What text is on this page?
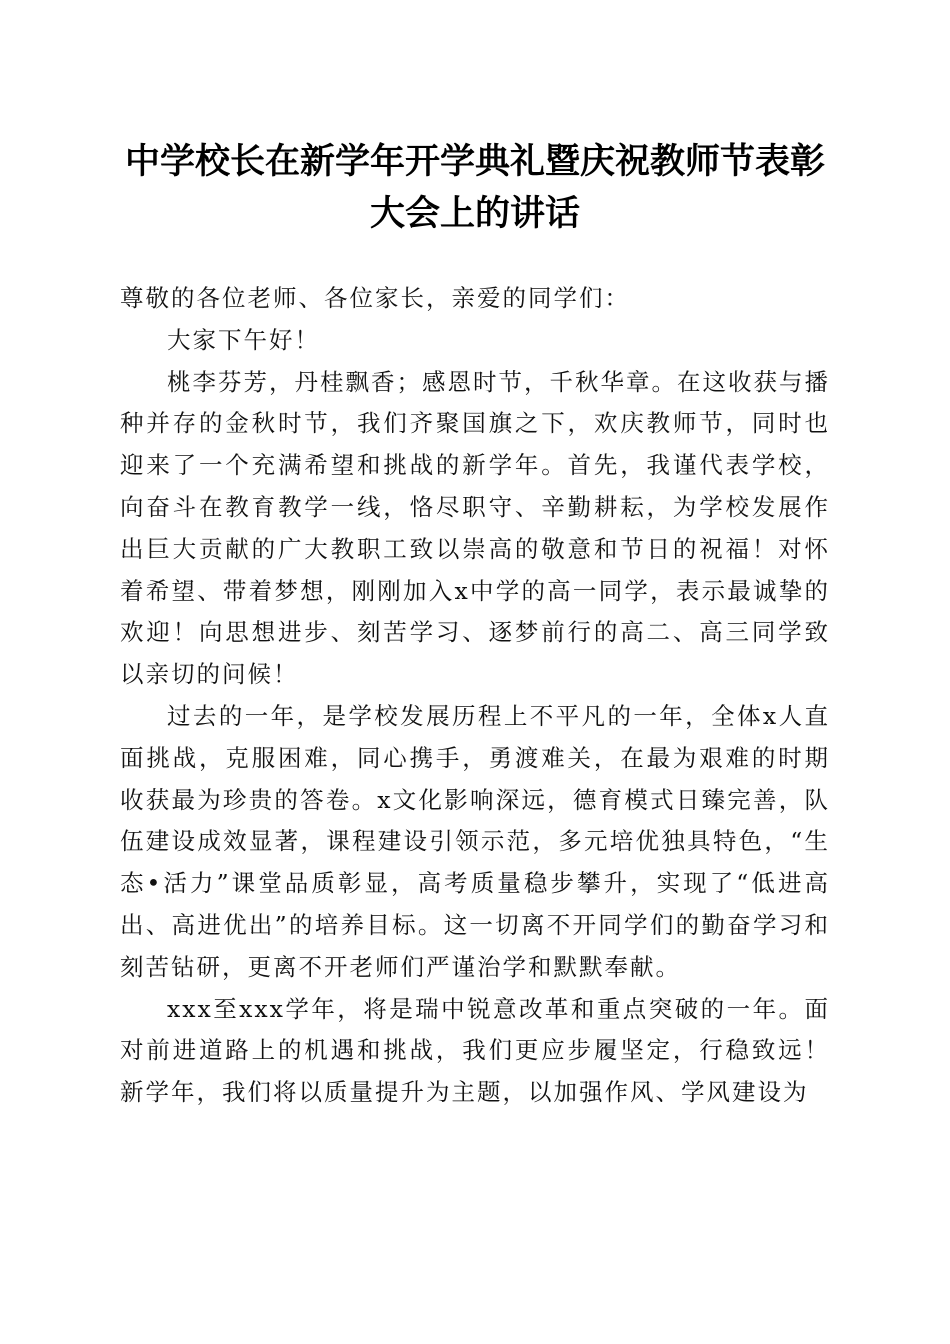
中学校长在新学年开学典礼暨庆祝教师节表彰
大会上的讲话

尊敬的各位老师、各位家长，亲爱的同学们：

大家下午好！

桃李芬芳，丹桂飘香；感恩时节，千秋华章。在这收获与播种并存的金秋时节，我们齐聚国旗之下，欢庆教师节，同时也迎来了一个充满希望和挑战的新学年。首先，我谨代表学校，向奋斗在教育教学一线，恪尽职守、辛勤耕耘，为学校发展作出巨大贡献的广大教职工致以崇高的敬意和节日的祝福！对怀着希望、带着梦想，刚刚加入x中学的高一同学，表示最诚挚的欢迎！向思想进步、刻苦学习、逐梦前行的高二、高三同学致以亲切的问候！

过去的一年，是学校发展历程上不平凡的一年，全体x人直面挑战，克服困难，同心携手，勇渡难关，在最为艰难的时期收获最为珍贵的答卷。x文化影响深远，德育模式日臻完善，队伍建设成效显著，课程建设引领示范，多元培优独具特色，“生态•活力”课堂品质彰显，高考质量稳步攀升，实现了“低进高出、高进优出”的培养目标。这一切离不开同学们的勤奋学习和刻苦钻研，更离不开老师们严谨治学和默默奉献。

xxx至xxx学年，将是瑞中锐意改革和重点突破的一年。面对前进道路上的机遇和挑战，我们更应步履坚定，行稳致远！新学年，我们将以质量提升为主题，以加强作风、学风建设为
